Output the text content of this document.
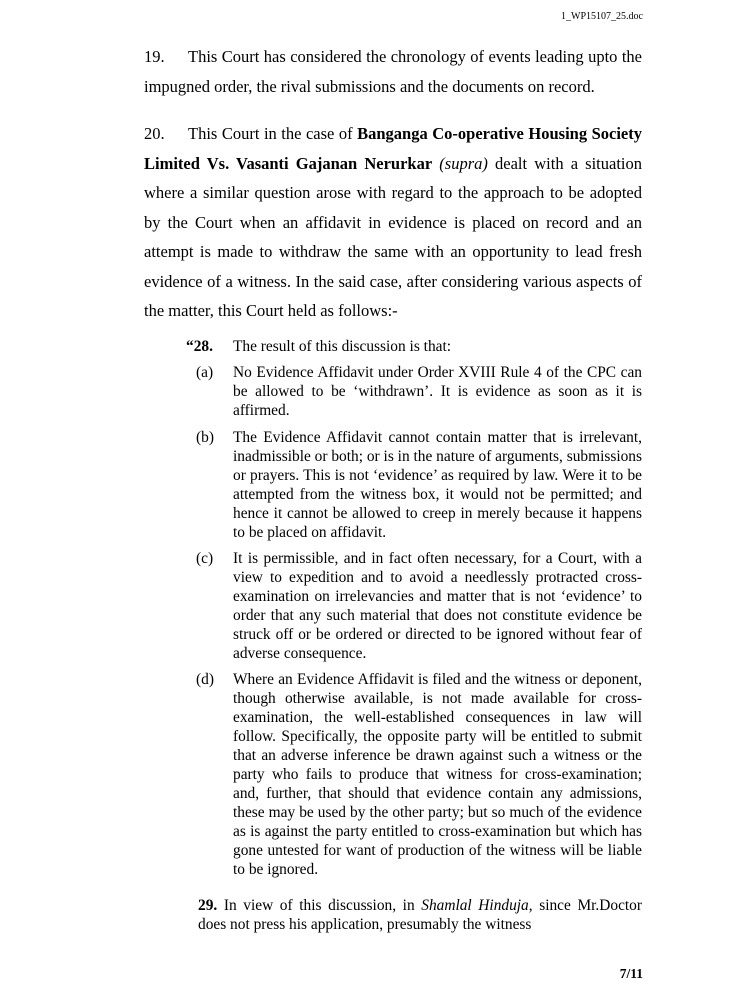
1_WP15107_25.doc

19. This Court has considered the chronology of events leading upto the impugned order, the rival submissions and the documents on record.

20. This Court in the case of Banganga Co-operative Housing Society Limited Vs. Vasanti Gajanan Nerurkar (supra) dealt with a situation where a similar question arose with regard to the approach to be adopted by the Court when an affidavit in evidence is placed on record and an attempt is made to withdraw the same with an opportunity to lead fresh evidence of a witness. In the said case, after considering various aspects of the matter, this Court held as follows:-

“28.	The result of this discussion is that:
(a)	No Evidence Affidavit under Order XVIII Rule 4 of the CPC can be allowed to be ‘withdrawn’. It is evidence as soon as it is affirmed.
(b)	The Evidence Affidavit cannot contain matter that is irrelevant, inadmissible or both; or is in the nature of arguments, submissions or prayers. This is not ‘evidence’ as required by law. Were it to be attempted from the witness box, it would not be permitted; and hence it cannot be allowed to creep in merely because it happens to be placed on affidavit.
(c)	It is permissible, and in fact often necessary, for a Court, with a view to expedition and to avoid a needlessly protracted cross-examination on irrelevancies and matter that is not ‘evidence’ to order that any such material that does not constitute evidence be struck off or be ordered or directed to be ignored without fear of adverse consequence.
(d)	Where an Evidence Affidavit is filed and the witness or deponent, though otherwise available, is not made available for cross-examination, the well-established consequences in law will follow. Specifically, the opposite party will be entitled to submit that an adverse inference be drawn against such a witness or the party who fails to produce that witness for cross-examination; and, further, that should that evidence contain any admissions, these may be used by the other party; but so much of the evidence as is against the party entitled to cross-examination but which has gone untested for want of production of the witness will be liable to be ignored.

29. In view of this discussion, in Shamlal Hinduja, since Mr.Doctor does not press his application, presumably the witness

7/11
